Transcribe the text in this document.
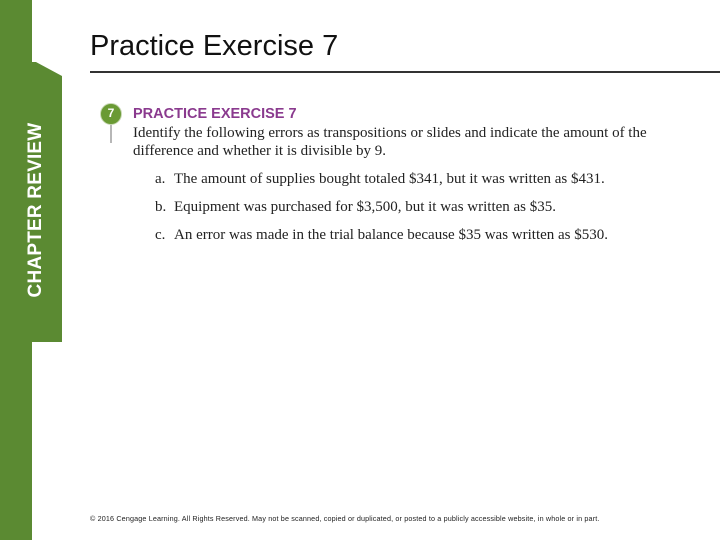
CHAPTER REVIEW
Practice Exercise 7
7	PRACTICE EXERCISE 7

Identify the following errors as transpositions or slides and indicate the amount of the difference and whether it is divisible by 9.

a. The amount of supplies bought totaled $341, but it was written as $431.
b. Equipment was purchased for $3,500, but it was written as $35.
c. An error was made in the trial balance because $35 was written as $530.
© 2016 Cengage Learning. All Rights Reserved. May not be scanned, copied or duplicated, or posted to a publicly accessible website, in whole or in part.
